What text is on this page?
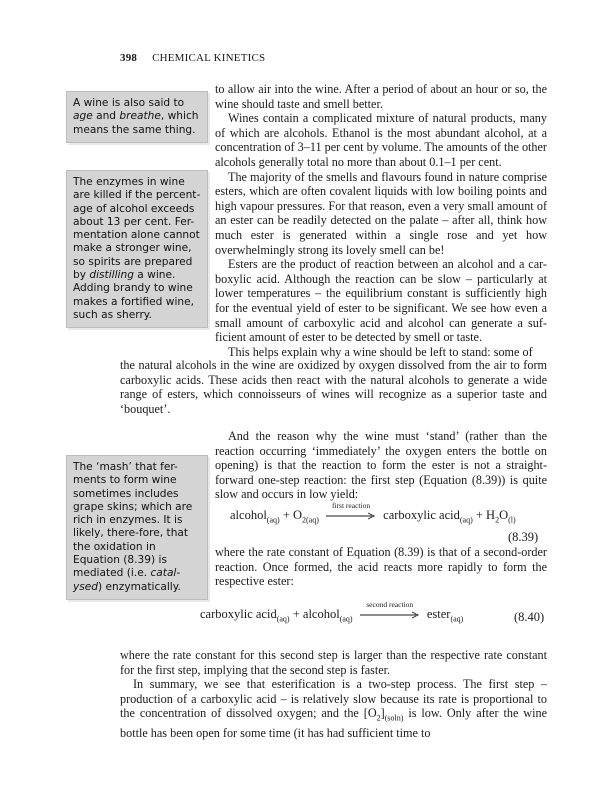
398 CHEMICAL KINETICS
A wine is also said to age and breathe, which means the same thing.
The enzymes in wine are killed if the percent-age of alcohol exceeds about 13 per cent. Fer-mentation alone cannot make a stronger wine, so spirits are prepared by distilling a wine. Adding brandy to wine makes a fortified wine, such as sherry.
The ‘mash’ that fer-ments to form wine sometimes includes grape skins; which are rich in enzymes. It is likely, there-fore, that the oxidation in Equation (8.39) is mediated (i.e. catal-ysed) enzymatically.

to allow air into the wine. After a period of about an hour or so, the wine should taste and smell better.

Wines contain a complicated mixture of natural products, many of which are alcohols. Ethanol is the most abundant alcohol, at a concentration of 3–11 per cent by volume. The amounts of the other alcohols generally total no more than about 0.1–1 per cent.

The majority of the smells and flavours found in nature comprise esters, which are often covalent liquids with low boiling points and high vapour pressures. For that reason, even a very small amount of an ester can be readily detected on the palate – after all, think how much ester is generated within a single rose and yet how overwhelmingly strong its lovely smell can be!

Esters are the product of reaction between an alcohol and a car-boxylic acid. Although the reaction can be slow – particularly at lower temperatures – the equilibrium constant is sufficiently high for the eventual yield of ester to be significant. We see how even a small amount of carboxylic acid and alcohol can generate a suf-ficient amount of ester to be detected by smell or taste.

This helps explain why a wine should be left to stand: some of

the natural alcohols in the wine are oxidized by oxygen dissolved from the air to form carboxylic acids. These acids then react with the natural alcohols to generate a wide range of esters, which connoisseurs of wines will recognize as a superior taste and ‘bouquet’.

And the reason why the wine must ‘stand’ (rather than the reaction occurring ‘immediately’ the oxygen enters the bottle on opening) is that the reaction to form the ester is not a straight-forward one-step reaction: the first step (Equation (8.39)) is quite slow and occurs in low yield:

alcohol$_{(aq)}$ + $O_{2(aq)}$
first reaction
carboxylic acid$_{(aq)}$ + $H_2O_{(l)}$
(8.39)

where the rate constant of Equation (8.39) is that of a second-order reaction. Once formed, the acid reacts more rapidly to form the respective ester:

carboxylic acid$_{(aq)}$ + alcohol$_{(aq)}$
second reaction
ester$_{(aq)}$	(8.40)

where the rate constant for this second step is larger than the respective rate constant for the first step, implying that the second step is faster.

In summary, we see that esterification is a two-step process. The first step – production of a carboxylic acid – is relatively slow because its rate is proportional to the concentration of dissolved oxygen; and the $[O_2]_{(soln)}$ is low. Only after the wine bottle has been open for some time (it has had sufficient time to
